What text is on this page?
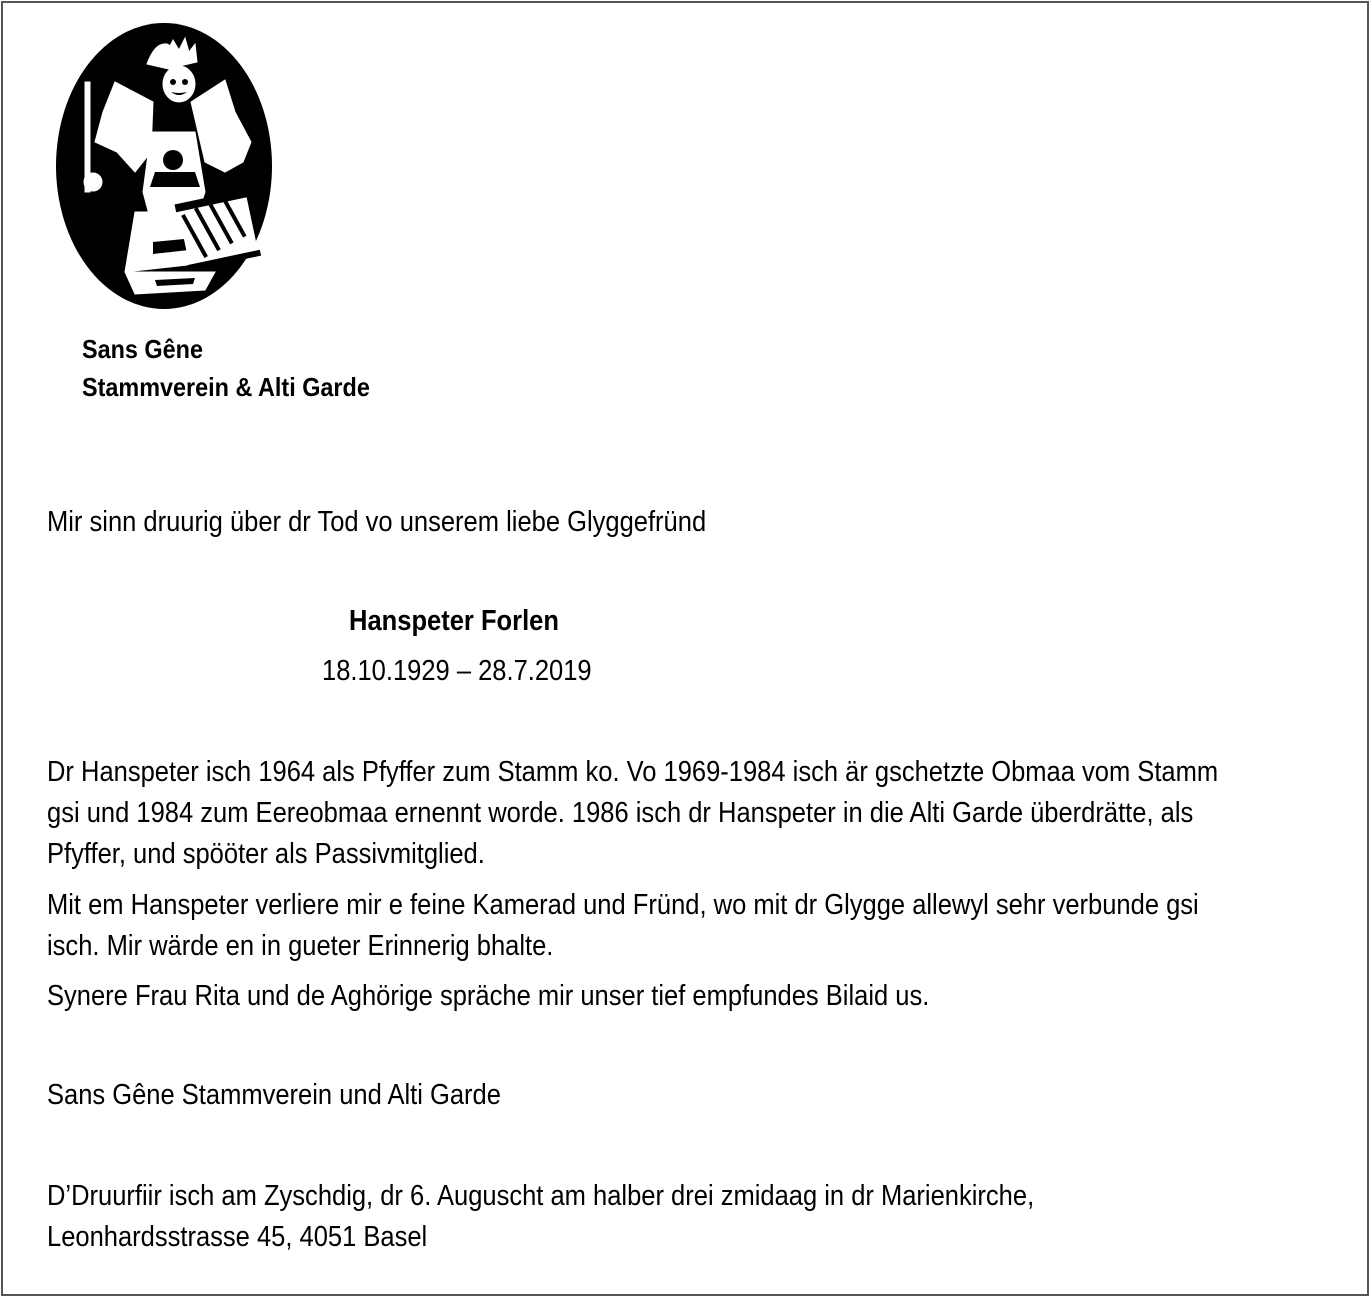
Sans Gêne
Stammverein & Alti Garde
Mir sinn druurig über dr Tod vo unserem liebe Glyggefründ
Hanspeter Forlen
18.10.1929 – 28.7.2019
Dr Hanspeter isch 1964 als Pfyffer zum Stamm ko. Vo 1969-1984 isch är gschetzte Obmaa vom Stamm
gsi und 1984 zum Eereobmaa ernennt worde. 1986 isch dr Hanspeter in die Alti Garde überdrätte, als
Pfyffer, und spööter als Passivmitglied.
Mit em Hanspeter verliere mir e feine Kamerad und Fründ, wo mit dr Glygge allewyl sehr verbunde gsi
isch. Mir wärde en in gueter Erinnerig bhalte.
Synere Frau Rita und de Aghörige spräche mir unser tief empfundes Bilaid us.
Sans Gêne Stammverein und Alti Garde
D’Druurfiir isch am Zyschdig, dr 6. Auguscht am halber drei zmidaag in dr Marienkirche,
Leonhardsstrasse 45, 4051 Basel
